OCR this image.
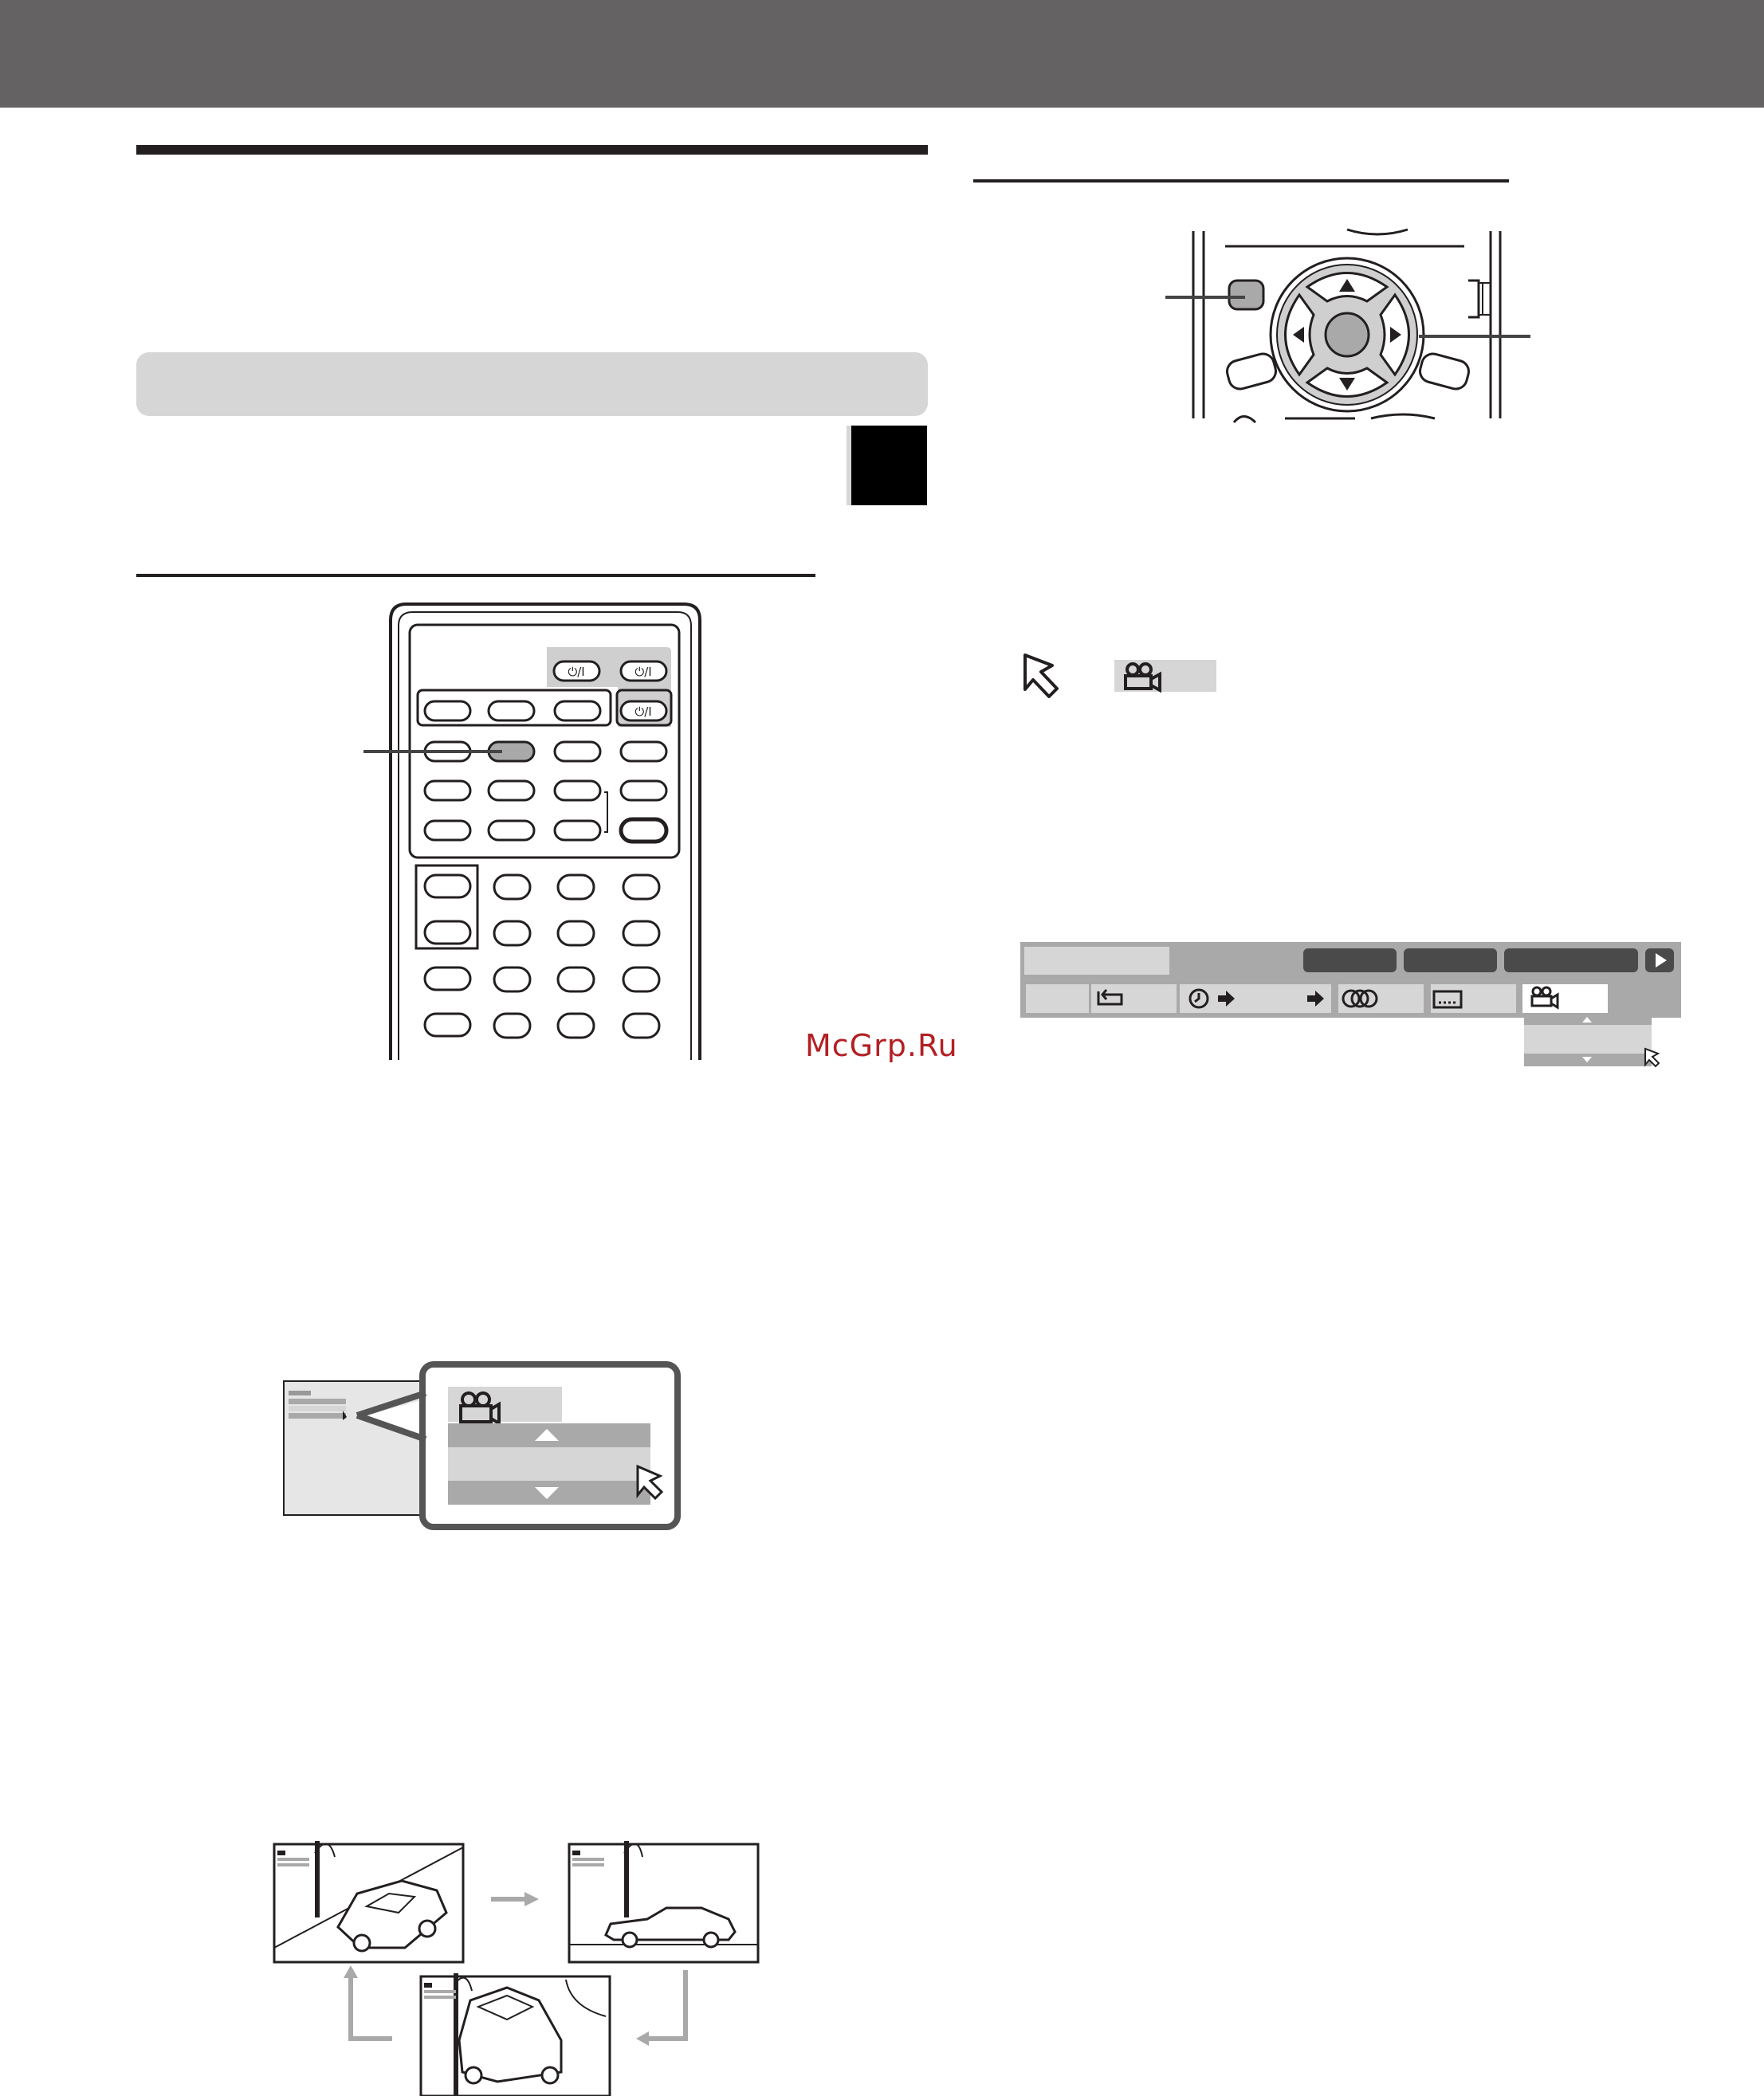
McGrp.Ru
⏻/I	⏻/I
⏻/I
